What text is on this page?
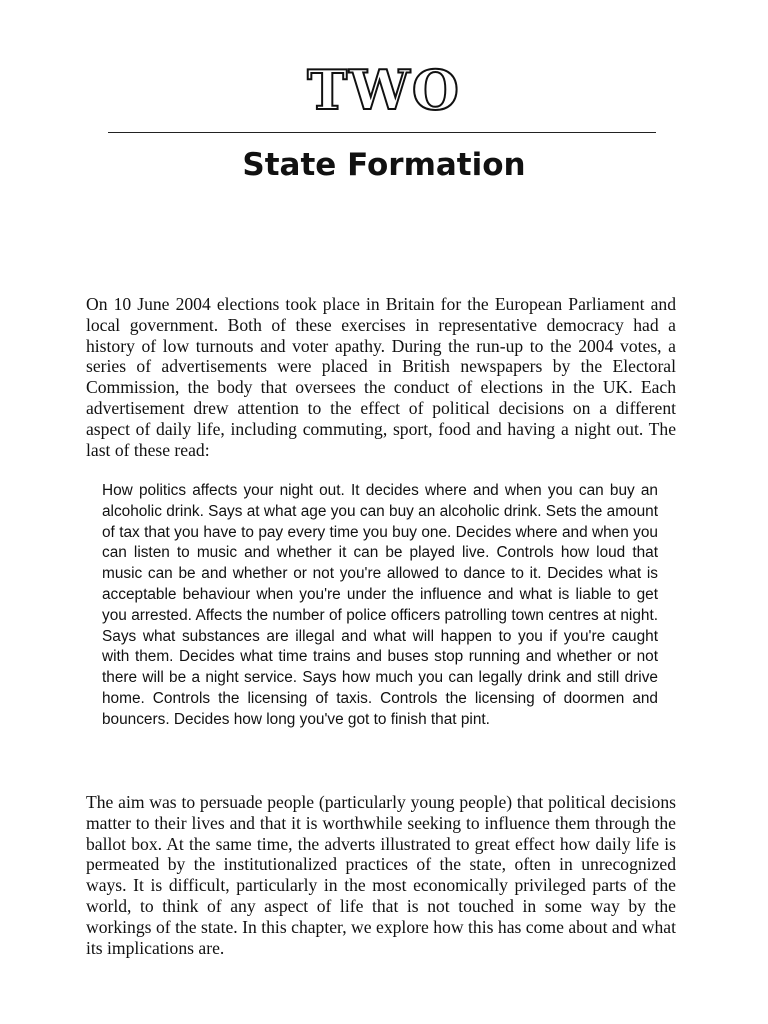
TWO
State Formation

On 10 June 2004 elections took place in Britain for the European Parliament and local government. Both of these exercises in representative democracy had a history of low turnouts and voter apathy. During the run-up to the 2004 votes, a series of advertisements were placed in British newspapers by the Electoral Commission, the body that oversees the conduct of elections in the UK. Each advertisement drew attention to the effect of political decisions on a different aspect of daily life, including commuting, sport, food and having a night out. The last of these read:

How politics affects your night out. It decides where and when you can buy an alcoholic drink. Says at what age you can buy an alcoholic drink. Sets the amount of tax that you have to pay every time you buy one. Decides where and when you can listen to music and whether it can be played live. Controls how loud that music can be and whether or not you're allowed to dance to it. Decides what is acceptable behaviour when you're under the influence and what is liable to get you arrested. Affects the number of police officers patrolling town centres at night. Says what substances are illegal and what will happen to you if you're caught with them. Decides what time trains and buses stop running and whether or not there will be a night service. Says how much you can legally drink and still drive home. Controls the licensing of taxis. Controls the licensing of doormen and bouncers. Decides how long you've got to finish that pint.

The aim was to persuade people (particularly young people) that political decisions matter to their lives and that it is worthwhile seeking to influence them through the ballot box. At the same time, the adverts illustrated to great effect how daily life is permeated by the institutionalized practices of the state, often in unrecognized ways. It is difficult, particularly in the most economically privileged parts of the world, to think of any aspect of life that is not touched in some way by the workings of the state. In this chapter, we explore how this has come about and what its implications are.
